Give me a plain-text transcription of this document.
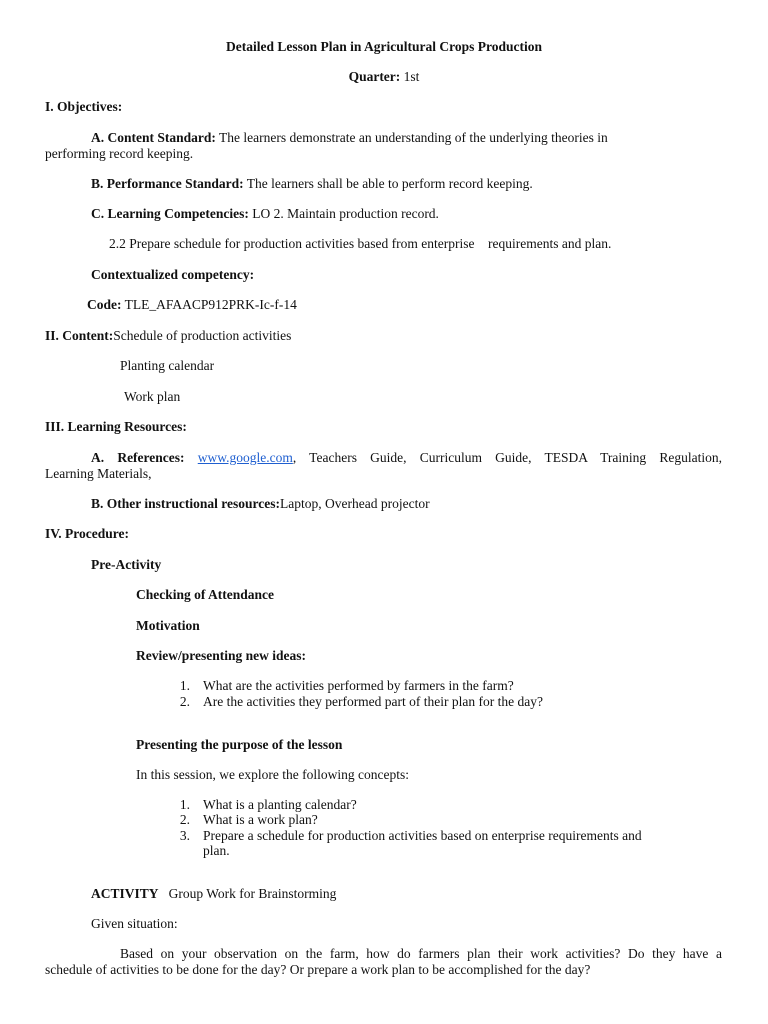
Detailed Lesson Plan in Agricultural Crops Production
Quarter: 1st
I. Objectives:
A. Content Standard: The learners demonstrate an understanding of the underlying theories in
performing record keeping.
B. Performance Standard: The learners shall be able to perform record keeping.
C. Learning Competencies: LO 2. Maintain production record.
2.2 Prepare schedule for production activities based from enterprise    requirements and plan.
Contextualized competency:
Code: TLE_AFAACP912PRK-Ic-f-14
II. Content:Schedule of production activities
Planting calendar
Work plan
III. Learning Resources:
A. References: www.google.com, Teachers Guide, Curriculum Guide, TESDA Training Regulation,
Learning Materials,
B. Other instructional resources:Laptop, Overhead projector
IV. Procedure:
Pre-Activity
Checking of Attendance
Motivation
Review/presenting new ideas:
1. What are the activities performed by farmers in the farm?
2. Are the activities they performed part of their plan for the day?
Presenting the purpose of the lesson
In this session, we explore the following concepts:
1. What is a planting calendar?
2. What is a work plan?
3. Prepare a schedule for production activities based on enterprise requirements and
plan.
ACTIVITY   Group Work for Brainstorming
Given situation:
Based on your observation on the farm, how do farmers plan their work activities? Do they have a
schedule of activities to be done for the day? Or prepare a work plan to be accomplished for the day?
